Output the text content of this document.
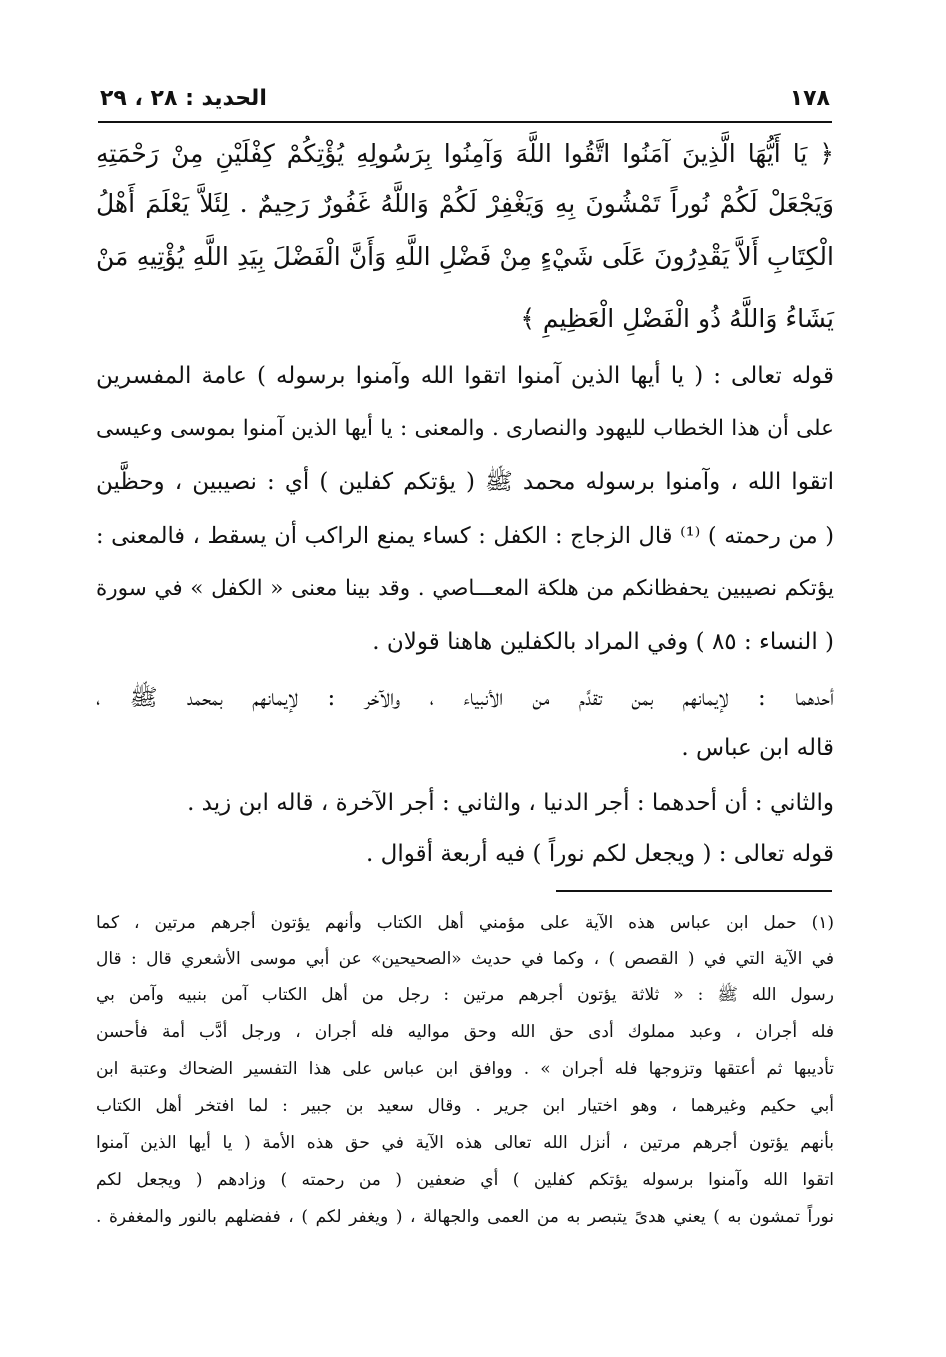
١٧٨
الحديد : ٢٨ ، ٢٩
﴿ يَا أَيُّهَا الَّذِينَ آمَنُوا اتَّقُوا اللَّهَ وَآمِنُوا بِرَسُولِهِ يُؤْتِكُمْ كِفْلَيْنِ مِنْ رَحْمَتِهِ
وَيَجْعَلْ لَكُمْ نُوراً تَمْشُونَ بِهِ وَيَغْفِرْ لَكُمْ وَاللَّهُ غَفُورٌ رَحِيمٌ . لِئَلاَّ يَعْلَمَ أَهْلُ
الْكِتَابِ أَلاَّ يَقْدِرُونَ عَلَى شَيْءٍ مِنْ فَضْلِ اللَّهِ وَأَنَّ الْفَضْلَ بِيَدِ اللَّهِ يُؤْتِيهِ مَنْ
يَشَاءُ وَاللَّهُ ذُو الْفَضْلِ الْعَظِيمِ ﴾
قوله تعالى : ( يا أيها الذين آمنوا اتقوا الله وآمنوا برسوله ) عامة المفسرين
على أن هذا الخطاب لليهود والنصارى . والمعنى : يا أيها الذين آمنوا بموسى وعيسى
اتقوا الله ، وآمنوا برسوله محمد ﷺ ( يؤتكم كفلين ) أي : نصيبين ، وحظَّين
( من رحمته ) ⁽¹⁾ قال الزجاج : الكفل : كساء يمنع الراكب أن يسقط ، فالمعنى :
يؤتكم نصيبين يحفظانكم من هلكة المعـــاصي . وقد بينا معنى « الكفل » في سورة
( النساء : ٨٥ ) وفي المراد بالكفلين هاهنا قولان .
أحدهما : لإيمانهم بمن تقدَّم من الأنبياء ، والآخر : لإيمانهم بمحمد ﷺ ،
قاله ابن عباس .
والثاني : أن أحدهما : أجر الدنيا ، والثاني : أجر الآخرة ، قاله ابن زيد .
قوله تعالى : ( ويجعل لكم نوراً ) فيه أربعة أقوال .
(١) حمل ابن عباس هذه الآية على مؤمني أهل الكتاب وأنهم يؤتون أجرهم مرتين ، كما
في الآية التي في ( القصص ) ، وكما في حديث «الصحيحين» عن أبي موسى الأشعري قال : قال
رسول الله ﷺ : « ثلاثة يؤتون أجرهم مرتين : رجل من أهل الكتاب آمن بنبيه وآمن بي
فله أجران ، وعبد مملوك أدى حق الله وحق مواليه فله أجران ، ورجل أدَّب أمة فأحسن
تأديبها ثم أعتقها وتزوجها فله أجران » . ووافق ابن عباس على هذا التفسير الضحاك وعتبة ابن
أبي حكيم وغيرهما ، وهو اختيار ابن جرير . وقال سعيد بن جبير : لما افتخر أهل الكتاب
بأنهم يؤتون أجرهم مرتين ، أنزل الله تعالى هذه الآية في حق هذه الأمة ( يا أيها الذين آمنوا
اتقوا الله وآمنوا برسوله يؤتكم كفلين ) أي ضعفين ( من رحمته ) وزادهم ( ويجعل لكم
نوراً تمشون به ) يعني هدىً يتبصر به من العمى والجهالة ، ( ويغفر لكم ) ، ففضلهم بالنور والمغفرة .
